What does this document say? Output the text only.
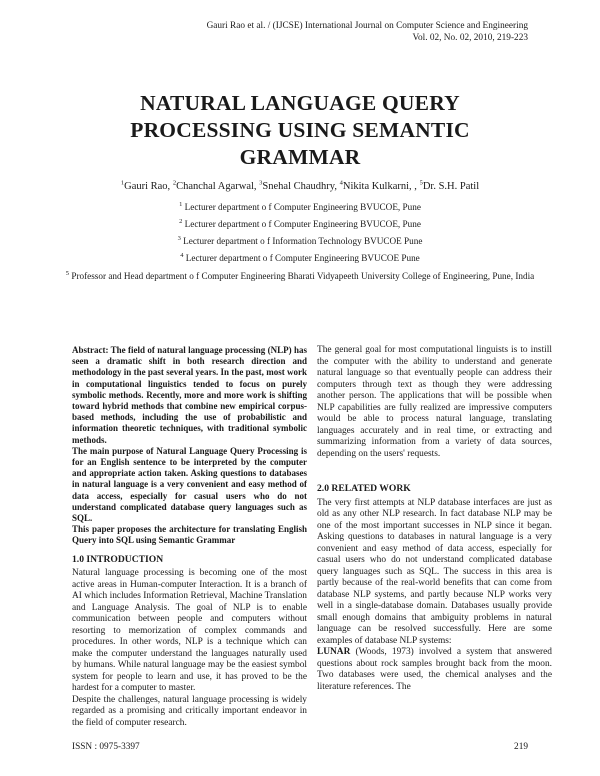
Gauri Rao et al. / (IJCSE) International Journal on Computer Science and Engineering
Vol. 02, No. 02, 2010, 219-223
NATURAL LANGUAGE QUERY
PROCESSING USING SEMANTIC
GRAMMAR
$^1$Gauri Rao, $^2$Chanchal Agarwal, $^3$Snehal Chaudhry, $^4$Nikita Kulkarni, , $^5$Dr. S.H. Patil
$^1$ Lecturer department o f Computer Engineering BVUCOE, Pune
$^2$ Lecturer department o f Computer Engineering BVUCOE, Pune
$^3$ Lecturer department o f Information Technology BVUCOE Pune
$^4$ Lecturer department o f Computer Engineering BVUCOE Pune
$^5$ Professor and Head department o f Computer Engineering Bharati Vidyapeeth University College of Engineering, Pune, India

Abstract: The field of natural language processing (NLP) has seen a dramatic shift in both research direction and methodology in the past several years. In the past, most work in computational linguistics tended to focus on purely symbolic methods. Recently, more and more work is shifting toward hybrid methods that combine new empirical corpus-based methods, including the use of probabilistic and information theoretic techniques, with traditional symbolic methods.

The main purpose of Natural Language Query Processing is for an English sentence to be interpreted by the computer and appropriate action taken. Asking questions to databases in natural language is a very convenient and easy method of data access, especially for casual users who do not understand complicated database query languages such as SQL.

This paper proposes the architecture for translating English Query into SQL using Semantic Grammar

1.0 INTRODUCTION

Natural language processing is becoming one of the most active areas in Human-computer Interaction. It is a branch of AI which includes Information Retrieval, Machine Translation and Language Analysis. The goal of NLP is to enable communication between people and computers without resorting to memorization of complex commands and procedures. In other words, NLP is a technique which can make the computer understand the languages naturally used by humans. While natural language may be the easiest symbol system for people to learn and use, it has proved to be the hardest for a computer to master.

Despite the challenges, natural language processing is widely regarded as a promising and critically important endeavor in the field of computer research.

The general goal for most computational linguists is to instill the computer with the ability to understand and generate natural language so that eventually people can address their computers through text as though they were addressing another person. The applications that will be possible when NLP capabilities are fully realized are impressive computers would be able to process natural language, translating languages accurately and in real time, or extracting and summarizing information from a variety of data sources, depending on the users' requests.

2.0 RELATED WORK

The very first attempts at NLP database interfaces are just as old as any other NLP research. In fact database NLP may be one of the most important successes in NLP since it began. Asking questions to databases in natural language is a very convenient and easy method of data access, especially for casual users who do not understand complicated database query languages such as SQL. The success in this area is partly because of the real-world benefits that can come from database NLP systems, and partly because NLP works very well in a single-database domain. Databases usually provide small enough domains that ambiguity problems in natural language can be resolved successfully. Here are some examples of database NLP systems:

LUNAR (Woods, 1973) involved a system that answered questions about rock samples brought back from the moon. Two databases were used, the chemical analyses and the literature references. The

ISSN : 0975-3397	219
